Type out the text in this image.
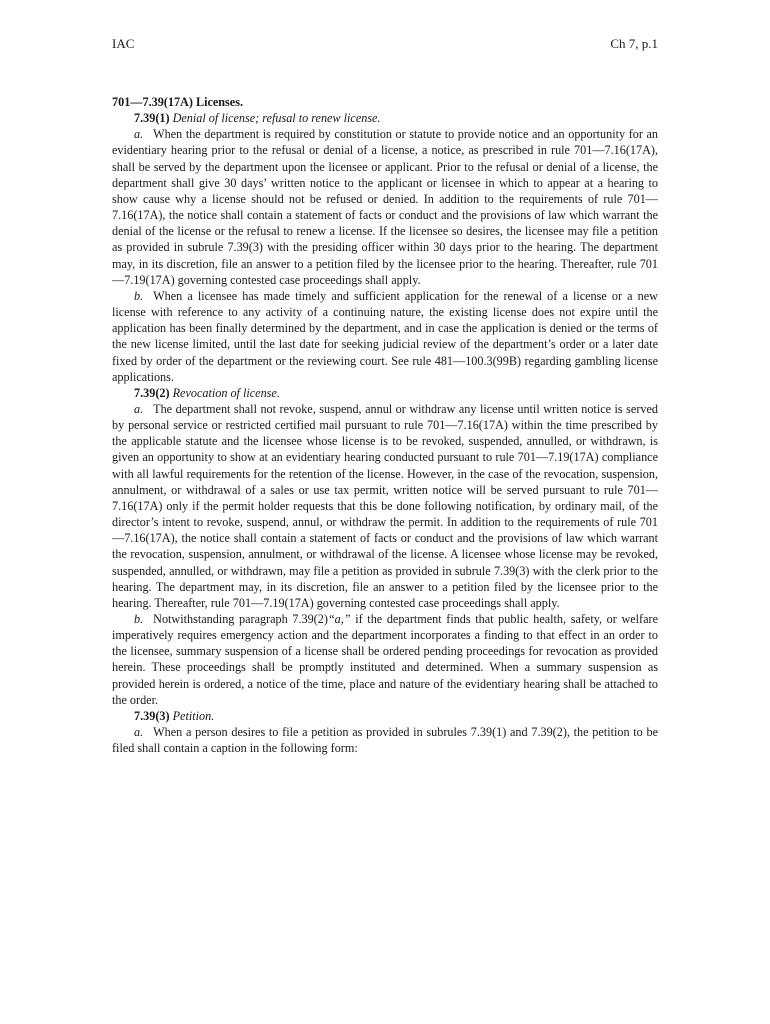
IAC	Ch 7, p.1

701—7.39(17A) Licenses.

7.39(1) Denial of license; refusal to renew license.

a. When the department is required by constitution or statute to provide notice and an opportunity for an evidentiary hearing prior to the refusal or denial of a license, a notice, as prescribed in rule 701—7.16(17A), shall be served by the department upon the licensee or applicant. Prior to the refusal or denial of a license, the department shall give 30 days’ written notice to the applicant or licensee in which to appear at a hearing to show cause why a license should not be refused or denied. In addition to the requirements of rule 701—7.16(17A), the notice shall contain a statement of facts or conduct and the provisions of law which warrant the denial of the license or the refusal to renew a license. If the licensee so desires, the licensee may file a petition as provided in subrule 7.39(3) with the presiding officer within 30 days prior to the hearing. The department may, in its discretion, file an answer to a petition filed by the licensee prior to the hearing. Thereafter, rule 701—7.19(17A) governing contested case proceedings shall apply.

b. When a licensee has made timely and sufficient application for the renewal of a license or a new license with reference to any activity of a continuing nature, the existing license does not expire until the application has been finally determined by the department, and in case the application is denied or the terms of the new license limited, until the last date for seeking judicial review of the department’s order or a later date fixed by order of the department or the reviewing court. See rule 481—100.3(99B) regarding gambling license applications.

7.39(2) Revocation of license.

a. The department shall not revoke, suspend, annul or withdraw any license until written notice is served by personal service or restricted certified mail pursuant to rule 701—7.16(17A) within the time prescribed by the applicable statute and the licensee whose license is to be revoked, suspended, annulled, or withdrawn, is given an opportunity to show at an evidentiary hearing conducted pursuant to rule 701—7.19(17A) compliance with all lawful requirements for the retention of the license. However, in the case of the revocation, suspension, annulment, or withdrawal of a sales or use tax permit, written notice will be served pursuant to rule 701—7.16(17A) only if the permit holder requests that this be done following notification, by ordinary mail, of the director’s intent to revoke, suspend, annul, or withdraw the permit. In addition to the requirements of rule 701—7.16(17A), the notice shall contain a statement of facts or conduct and the provisions of law which warrant the revocation, suspension, annulment, or withdrawal of the license. A licensee whose license may be revoked, suspended, annulled, or withdrawn, may file a petition as provided in subrule 7.39(3) with the clerk prior to the hearing. The department may, in its discretion, file an answer to a petition filed by the licensee prior to the hearing. Thereafter, rule 701—7.19(17A) governing contested case proceedings shall apply.

b. Notwithstanding paragraph 7.39(2)“a,” if the department finds that public health, safety, or welfare imperatively requires emergency action and the department incorporates a finding to that effect in an order to the licensee, summary suspension of a license shall be ordered pending proceedings for revocation as provided herein. These proceedings shall be promptly instituted and determined. When a summary suspension as provided herein is ordered, a notice of the time, place and nature of the evidentiary hearing shall be attached to the order.

7.39(3) Petition.

a. When a person desires to file a petition as provided in subrules 7.39(1) and 7.39(2), the petition to be filed shall contain a caption in the following form:
